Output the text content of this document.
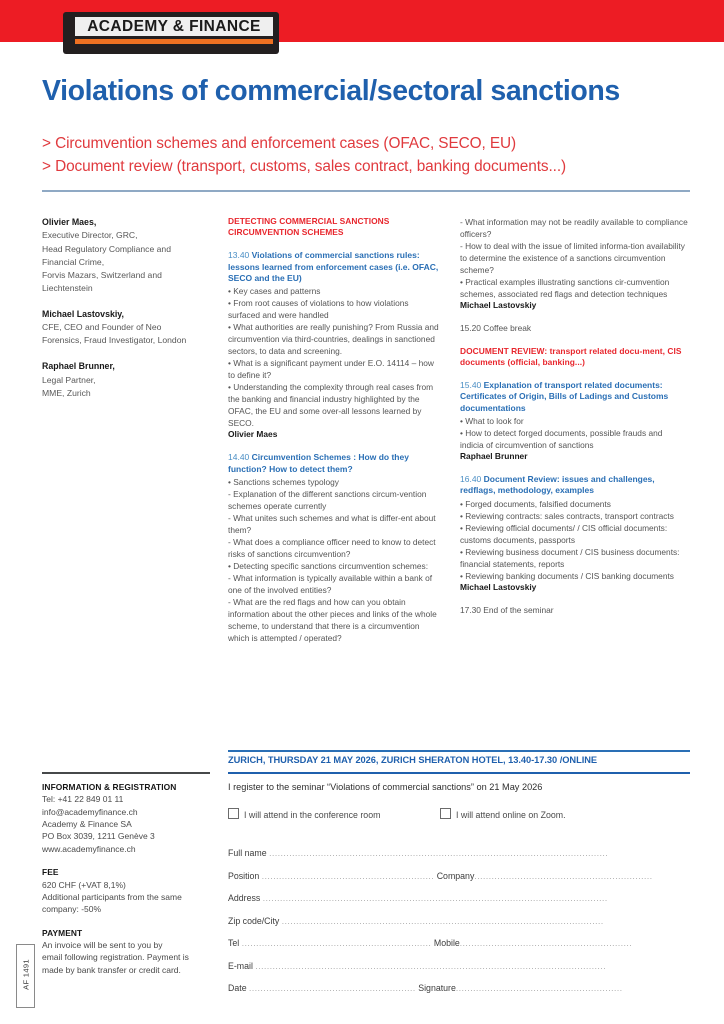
ACADEMY & FINANCE
Violations of commercial/sectoral sanctions
> Circumvention schemes and enforcement cases (OFAC, SECO, EU)
> Document review (transport, customs, sales contract, banking documents...)
Olivier Maes,
Executive Director, GRC,
Head Regulatory Compliance and
Financial Crime,
Forvis Mazars, Switzerland and
Liechtenstein
Michael Lastovskiy,
CFE, CEO and Founder of Neo
Forensics, Fraud Investigator, London
Raphael Brunner,
Legal Partner,
MME, Zurich
DETECTING COMMERCIAL SANCTIONS
CIRCUMVENTION SCHEMES
13.40 Violations of commercial sanctions rules: lessons learned from enforcement cases (i.e. OFAC, SECO and the EU)
• Key cases and patterns
• From root causes of violations to how violations surfaced and were handled
• What authorities are really punishing? From Russia and circumvention via third-countries, dealings in sanctioned sectors, to data and screening.
• What is a significant payment under E.O. 14114 – how to define it?
• Understanding the complexity through real cases from the banking and financial industry highlighted by the OFAC, the EU and some over-all lessons learned by SECO.
Olivier Maes
14.40 Circumvention Schemes : How do they function? How to detect them?
• Sanctions schemes typology
- Explanation of the different sanctions circum-vention schemes operate currently
- What unites such schemes and what is differ-ent about them?
- What does a compliance officer need to know to detect risks of sanctions circumvention?
• Detecting specific sanctions circumvention schemes:
- What information is typically available within a bank of one of the involved entities?
- What are the red flags and how can you obtain information about the other pieces and links of the whole scheme, to understand that there is a circumvention which is attempted / operated?
- What information may not be readily available to compliance officers?
- How to deal with the issue of limited informa-tion availability to determine the existence of a sanctions circumvention scheme?
• Practical examples illustrating sanctions cir-cumvention schemes, associated red flags and detection techniques
Michael Lastovskiy
15.20 Coffee break
DOCUMENT REVIEW: transport related docu-ment, CIS documents (official, banking...)
15.40 Explanation of transport related documents: Certificates of Origin, Bills of Ladings and Customs documentations
• What to look for
• How to detect forged documents, possible frauds and indicia of circumvention of sanctions
Raphael Brunner
16.40 Document Review: issues and challenges, redflags, methodology, examples
• Forged documents, falsified documents
• Reviewing contracts: sales contracts, transport contracts
• Reviewing official documents/ / CIS official documents: customs documents, passports
• Reviewing business document / CIS business documents: financial statements, reports
• Reviewing banking documents / CIS banking documents
Michael Lastovskiy
17.30 End of the seminar
ZURICH, THURSDAY 21 MAY 2026, ZURICH SHERATON HOTEL, 13.40-17.30 /ONLINE
INFORMATION & REGISTRATION
Tel: +41 22 849 01 11
info@academyfinance.ch
Academy & Finance SA
PO Box 3039, 1211 Genève 3
www.academyfinance.ch
FEE
620 CHF (+VAT 8,1%)
Additional participants from the same
company: -50%
PAYMENT
An invoice will be sent to you by
email following registration. Payment is
made by bank transfer or credit card.
I register to the seminar “Violations of commercial sanctions” on 21 May 2026
I will attend in the conference room	I will attend online on Zoom.
Full name ......................................................................................................................
Position ............................................................ Company..............................................................
Address ........................................................................................................................
Zip code/City ................................................................................................................
Tel .................................................................. Mobile............................................................
E-mail ..........................................................................................................................
Date .......................................................... Signature..........................................................
AF 1491
